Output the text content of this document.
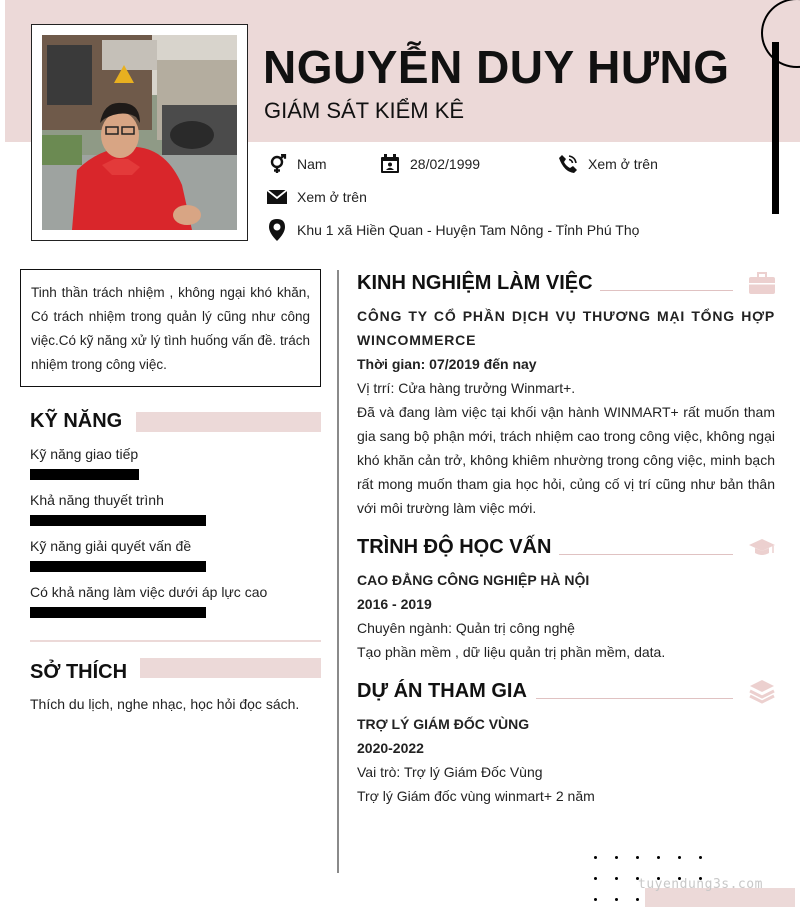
NGUYỄN DUY HƯNG
GIÁM SÁT KIỂM KÊ
Nam	28/02/1999	Xem ở trên
Xem ở trên
Khu 1 xã Hiền Quan - Huyện Tam Nông - Tỉnh Phú Thọ
Tinh thần trách nhiệm , không ngại khó khăn, Có trách nhiệm trong quản lý cũng như công việc.Có kỹ năng xử lý tình huống vấn đề. trách nhiệm trong công việc.
KỸ NĂNG
Kỹ năng giao tiếp
Khả năng thuyết trình
Kỹ năng giải quyết vấn đề
Có khả năng làm việc dưới áp lực cao
SỞ THÍCH
Thích du lịch, nghe nhạc, học hỏi đọc sách.
KINH NGHIỆM LÀM VIỆC
CÔNG TY CỔ PHẦN DỊCH VỤ THƯƠNG MẠI TỔNG HỢP WINCOMMERCE
Thời gian: 07/2019 đến nay
Vị trrí: Cửa hàng trưởng Winmart+.
Đã và đang làm việc tại khối vận hành WINMART+ rất muốn tham gia sang bộ phận mới, trách nhiệm cao trong công việc, không ngại khó khăn cản trở, không khiêm nhường trong công việc, minh bạch rất mong muốn tham gia học hỏi, củng cố vị trí cũng như bản thân với môi trường làm việc mới.
TRÌNH ĐỘ HỌC VẤN
CAO ĐẲNG CÔNG NGHIỆP HÀ NỘI
2016 - 2019
Chuyên ngành: Quản trị công nghệ
Tạo phần mềm , dữ liệu quản trị phần mềm, data.
DỰ ÁN THAM GIA
TRỢ LÝ GIÁM ĐỐC VÙNG
2020-2022
Vai trò: Trợ lý Giám Đốc Vùng
Trợ lý Giám đốc vùng winmart+ 2 năm
tuyendung3s.com
